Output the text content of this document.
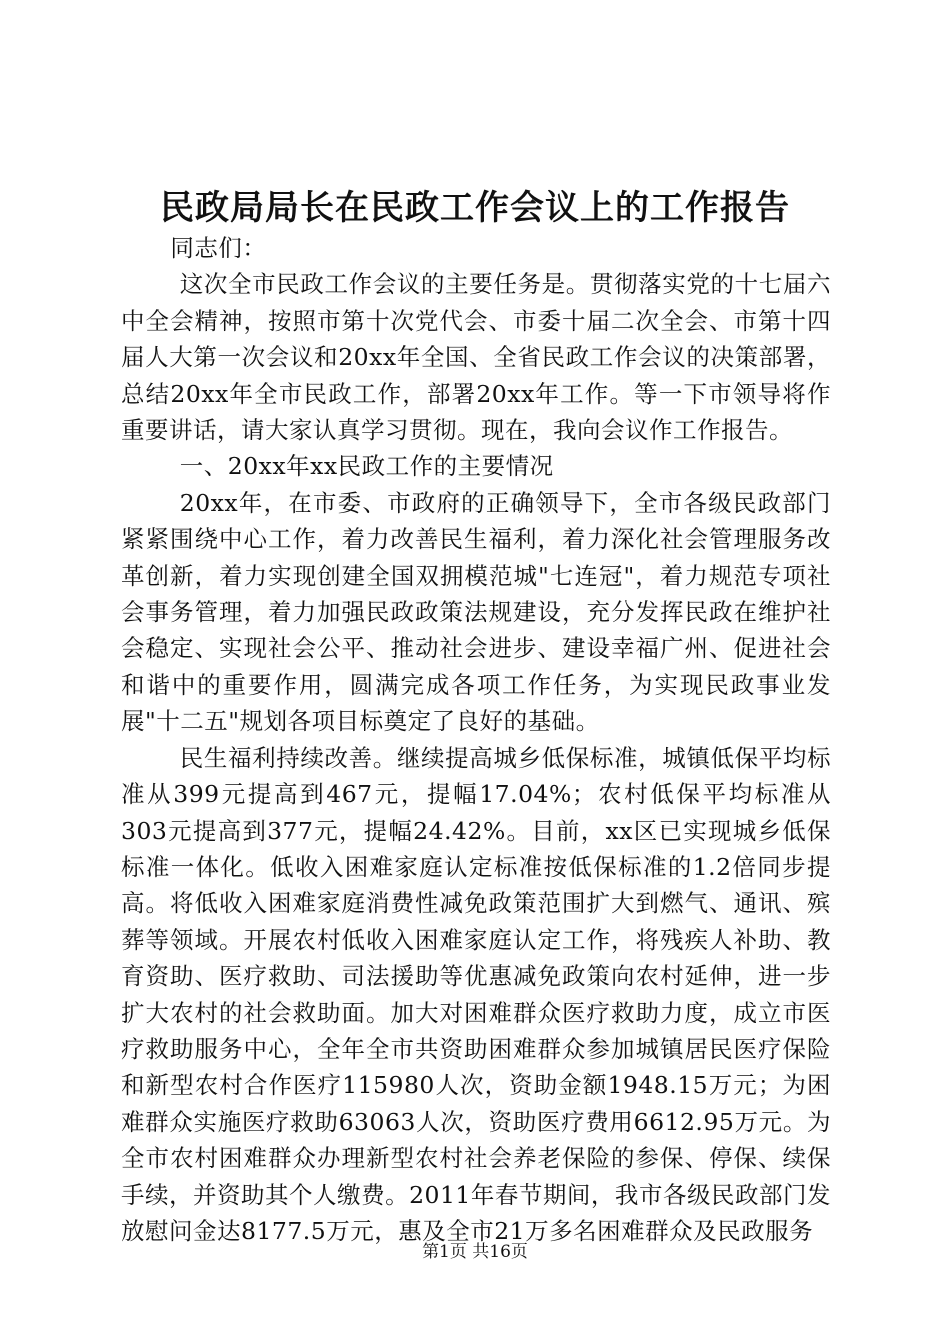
民政局局长在民政工作会议上的工作报告

同志们：

这次全市民政工作会议的主要任务是。贯彻落实党的十七届六中全会精神，按照市第十次党代会、市委十届二次全会、市第十四届人大第一次会议和20xx年全国、全省民政工作会议的决策部署，总结20xx年全市民政工作，部署20xx年工作。等一下市领导将作重要讲话，请大家认真学习贯彻。现在，我向会议作工作报告。

一、20xx年xx民政工作的主要情况

20xx年，在市委、市政府的正确领导下，全市各级民政部门紧紧围绕中心工作，着力改善民生福利，着力深化社会管理服务改革创新，着力实现创建全国双拥模范城"七连冠"，着力规范专项社会事务管理，着力加强民政政策法规建设，充分发挥民政在维护社会稳定、实现社会公平、推动社会进步、建设幸福广州、促进社会和谐中的重要作用，圆满完成各项工作任务，为实现民政事业发展"十二五"规划各项目标奠定了良好的基础。

民生福利持续改善。继续提高城乡低保标准，城镇低保平均标准从399元提高到467元，提幅17.04%；农村低保平均标准从303元提高到377元，提幅24.42%。目前，xx区已实现城乡低保标准一体化。低收入困难家庭认定标准按低保标准的1.2倍同步提高。将低收入困难家庭消费性减免政策范围扩大到燃气、通讯、殡葬等领域。开展农村低收入困难家庭认定工作，将残疾人补助、教育资助、医疗救助、司法援助等优惠减免政策向农村延伸，进一步扩大农村的社会救助面。加大对困难群众医疗救助力度，成立市医疗救助服务中心，全年全市共资助困难群众参加城镇居民医疗保险和新型农村合作医疗115980人次，资助金额1948.15万元；为困难群众实施医疗救助63063人次，资助医疗费用6612.95万元。为全市农村困难群众办理新型农村社会养老保险的参保、停保、续保手续，并资助其个人缴费。2011年春节期间，我市各级民政部门发放慰问金达8177.5万元，惠及全市21万多名困难群众及民政服务

第1页 共16页
